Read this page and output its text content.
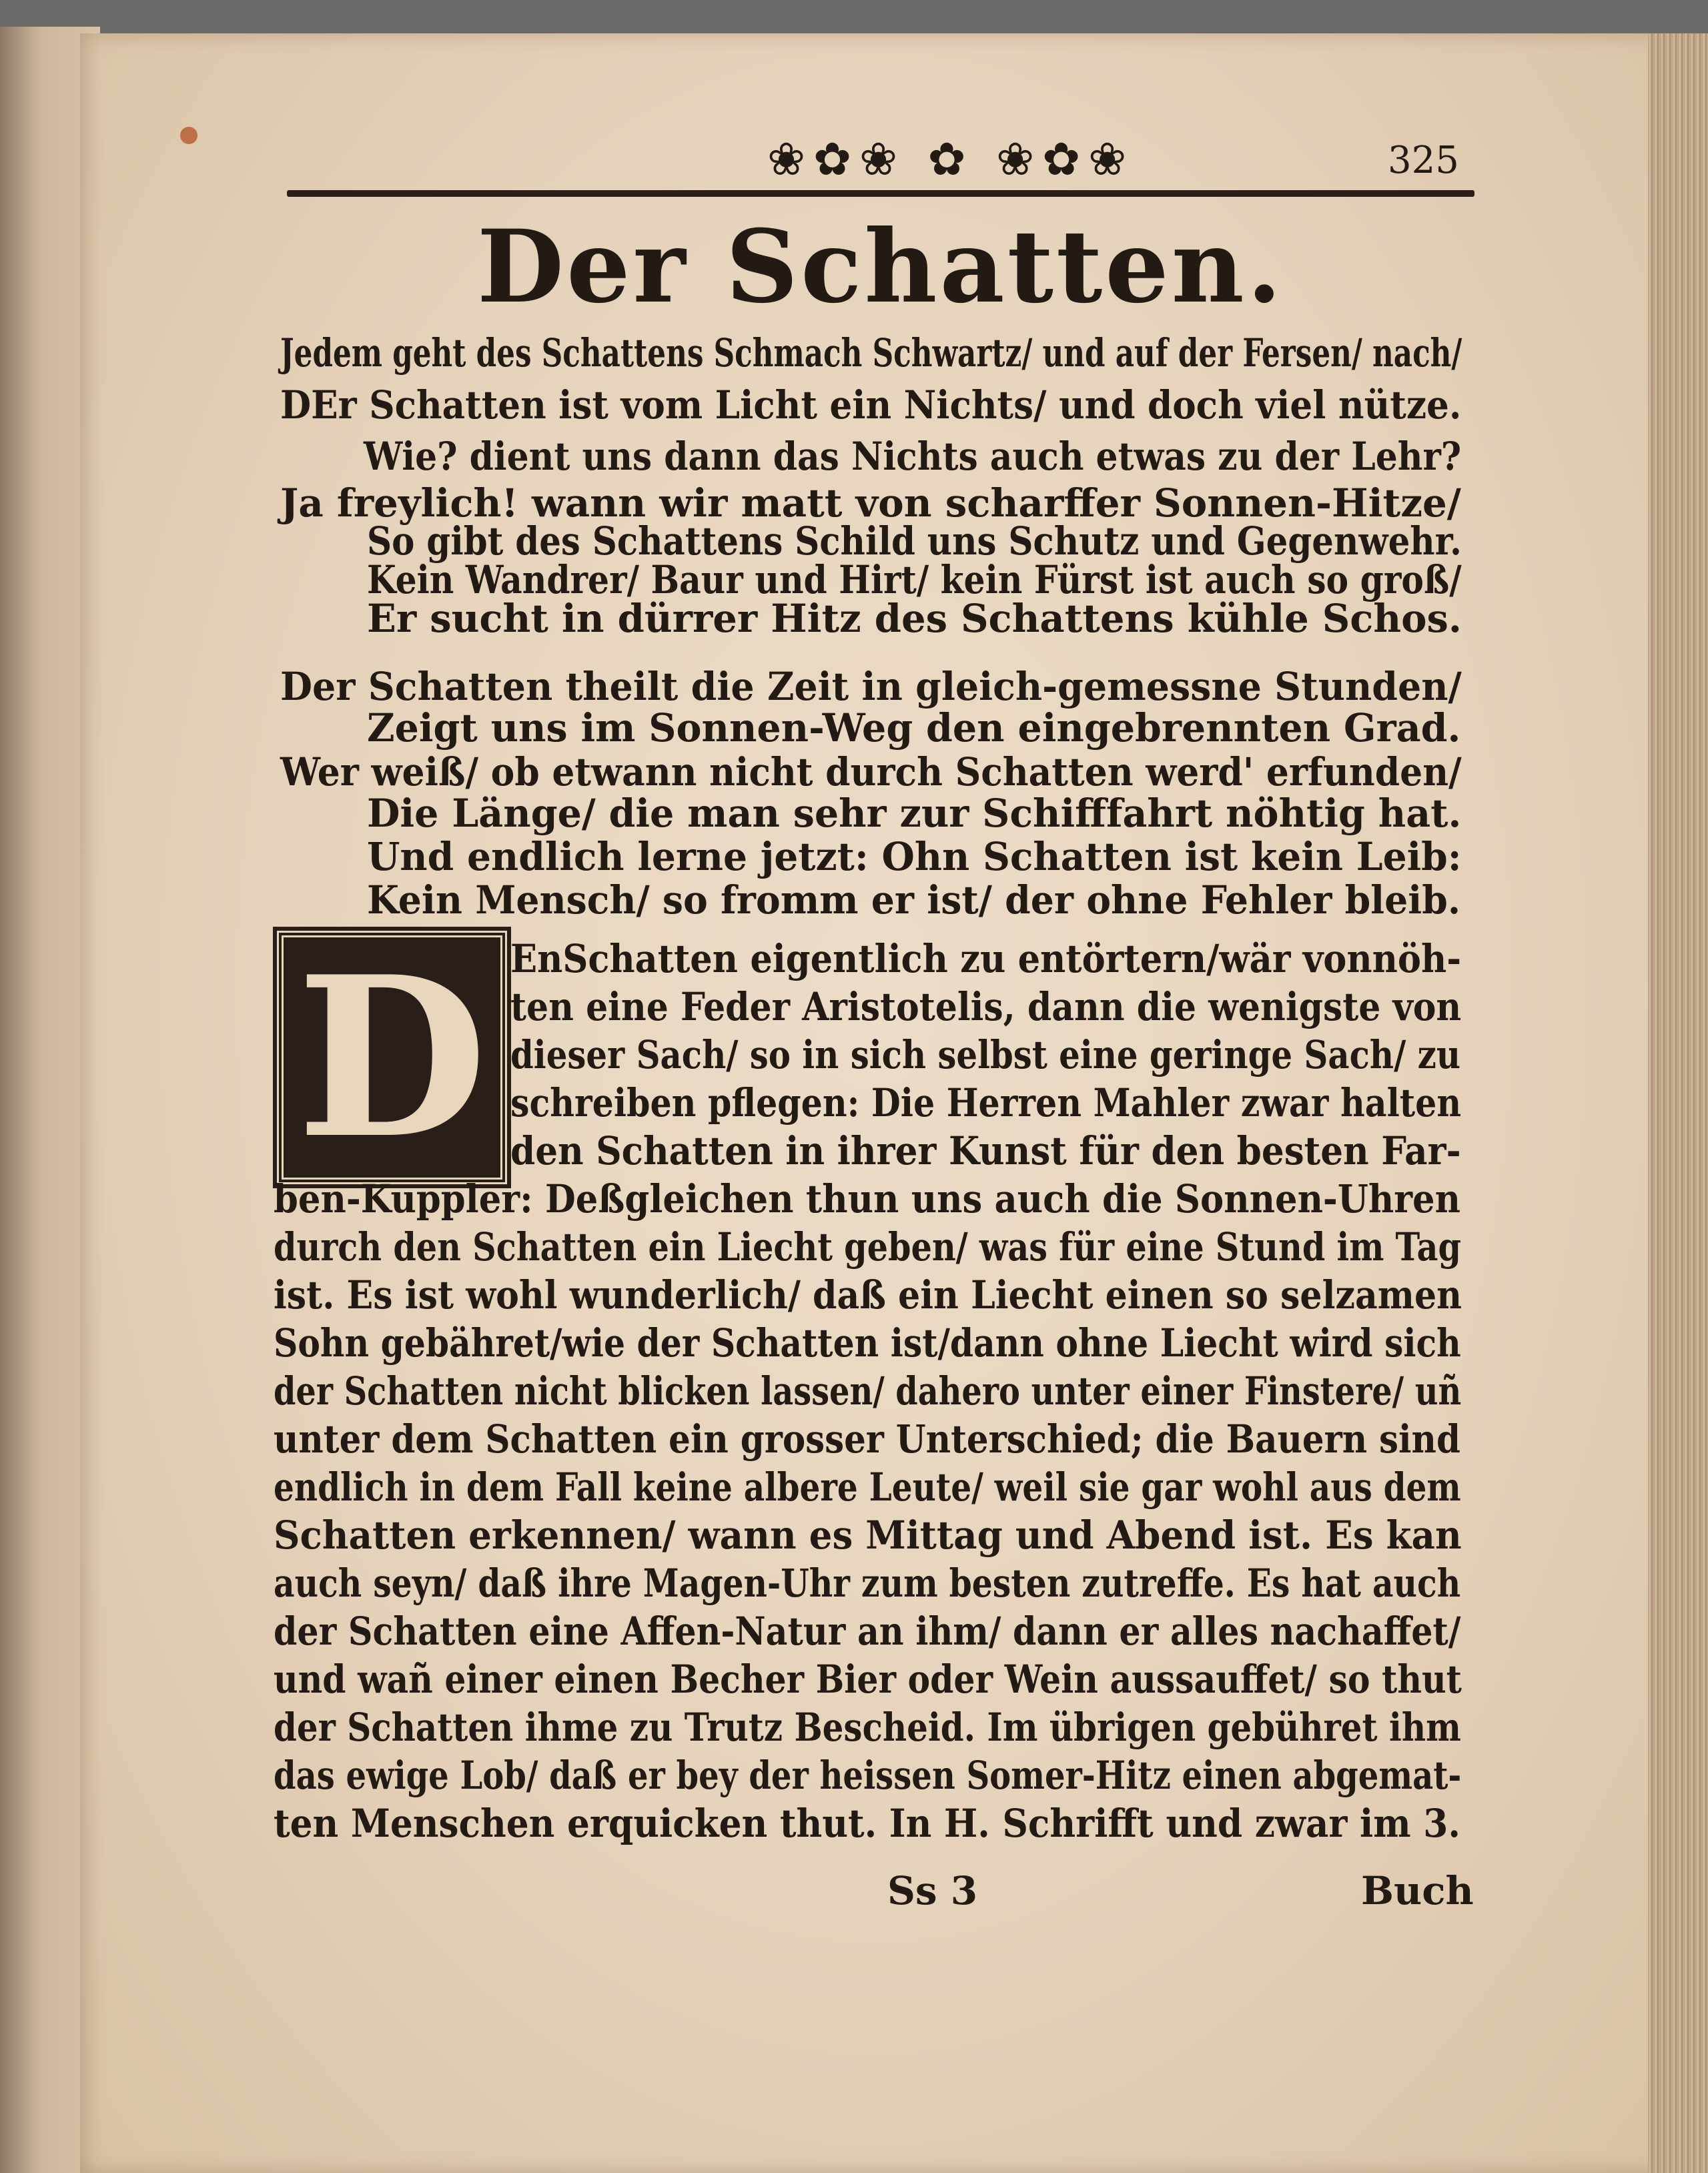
❀✿❀ ✿ ❀✿❀	325
Der Schatten.
Jedem geht des Schattens Schmach Schwartz/ und auf der Fersen/ nach/
DEr Schatten ist vom Licht ein Nichts/ und doch viel nütze.
Wie? dient uns dann das Nichts auch etwas zu der Lehr?
Ja freylich! wann wir matt von scharffer Sonnen-Hitze/
So gibt des Schattens Schild uns Schutz und Gegenwehr.
Kein Wandrer/ Baur und Hirt/ kein Fürst ist auch so groß/
Er sucht in dürrer Hitz des Schattens kühle Schos.
Der Schatten theilt die Zeit in gleich-gemessne Stunden/
Zeigt uns im Sonnen-Weg den eingebrennten Grad.
Wer weiß/ ob etwann nicht durch Schatten werd' erfunden/
Die Länge/ die man sehr zur Schifffahrt nöhtig hat.
Und endlich lerne jetzt: Ohn Schatten ist kein Leib:
Kein Mensch/ so fromm er ist/ der ohne Fehler bleib.
D EnSchatten eigentlich zu entörtern/wär vonnöh-
ten eine Feder Aristotelis, dann die wenigste von
dieser Sach/ so in sich selbst eine geringe Sach/ zu
schreiben pflegen: Die Herren Mahler zwar halten
den Schatten in ihrer Kunst für den besten Far-
ben-Kuppler: Deßgleichen thun uns auch die Sonnen-Uhren
durch den Schatten ein Liecht geben/ was für eine Stund im Tag
ist. Es ist wohl wunderlich/ daß ein Liecht einen so selzamen
Sohn gebähret/wie der Schatten ist/dann ohne Liecht wird sich
der Schatten nicht blicken lassen/ dahero unter einer Finstere/ uñ
unter dem Schatten ein grosser Unterschied; die Bauern sind
endlich in dem Fall keine albere Leute/ weil sie gar wohl aus dem
Schatten erkennen/ wann es Mittag und Abend ist. Es kan
auch seyn/ daß ihre Magen-Uhr zum besten zutreffe. Es hat auch
der Schatten eine Affen-Natur an ihm/ dann er alles nachaffet/
und wañ einer einen Becher Bier oder Wein aussauffet/ so thut
der Schatten ihme zu Trutz Bescheid. Im übrigen gebühret ihm
das ewige Lob/ daß er bey der heissen Somer-Hitz einen abgemat-
ten Menschen erquicken thut. In H. Schrifft und zwar im 3.
Ss 3	Buch
